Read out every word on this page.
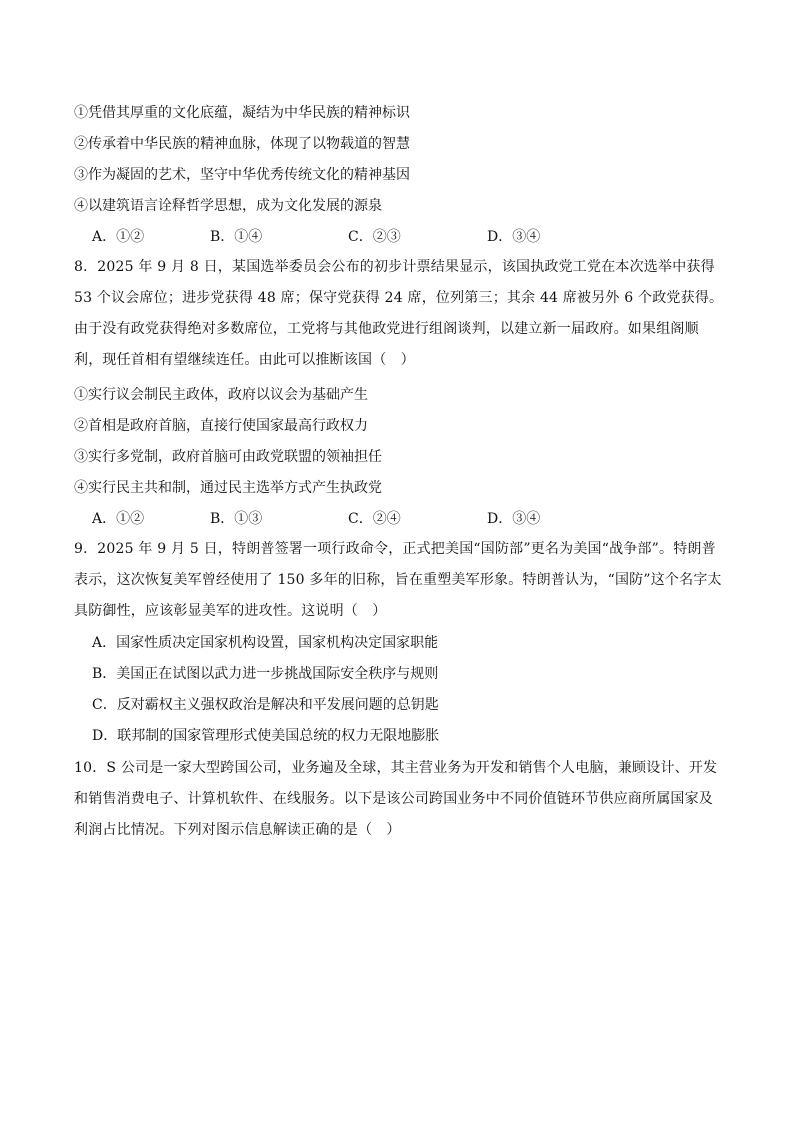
①凭借其厚重的文化底蕴，凝结为中华民族的精神标识
②传承着中华民族的精神血脉，体现了以物载道的智慧
③作为凝固的艺术，坚守中华优秀传统文化的精神基因
④以建筑语言诠释哲学思想，成为文化发展的源泉
A．①②	B．①④	C．②③	D．③④
8．2025 年 9 月 8 日，某国选举委员会公布的初步计票结果显示，该国执政党工党在本次选举中获得 53 个议会席位；进步党获得 48 席；保守党获得 24 席，位列第三；其余 44 席被另外 6 个政党获得。由于没有政党获得绝对多数席位，工党将与其他政党进行组阁谈判，以建立新一届政府。如果组阁顺利，现任首相有望继续连任。由此可以推断该国（　）
①实行议会制民主政体，政府以议会为基础产生
②首相是政府首脑，直接行使国家最高行政权力
③实行多党制，政府首脑可由政党联盟的领袖担任
④实行民主共和制，通过民主选举方式产生执政党
A．①②	B．①③	C．②④	D．③④
9．2025 年 9 月 5 日，特朗普签署一项行政命令，正式把美国“国防部”更名为美国“战争部”。特朗普表示，这次恢复美军曾经使用了 150 多年的旧称，旨在重塑美军形象。特朗普认为，“国防”这个名字太具防御性，应该彰显美军的进攻性。这说明（　）
A．国家性质决定国家机构设置，国家机构决定国家职能
B．美国正在试图以武力进一步挑战国际安全秩序与规则
C．反对霸权主义强权政治是解决和平发展问题的总钥匙
D．联邦制的国家管理形式使美国总统的权力无限地膨胀
10．S 公司是一家大型跨国公司，业务遍及全球，其主营业务为开发和销售个人电脑，兼顾设计、开发和销售消费电子、计算机软件、在线服务。以下是该公司跨国业务中不同价值链环节供应商所属国家及利润占比情况。下列对图示信息解读正确的是（　）
